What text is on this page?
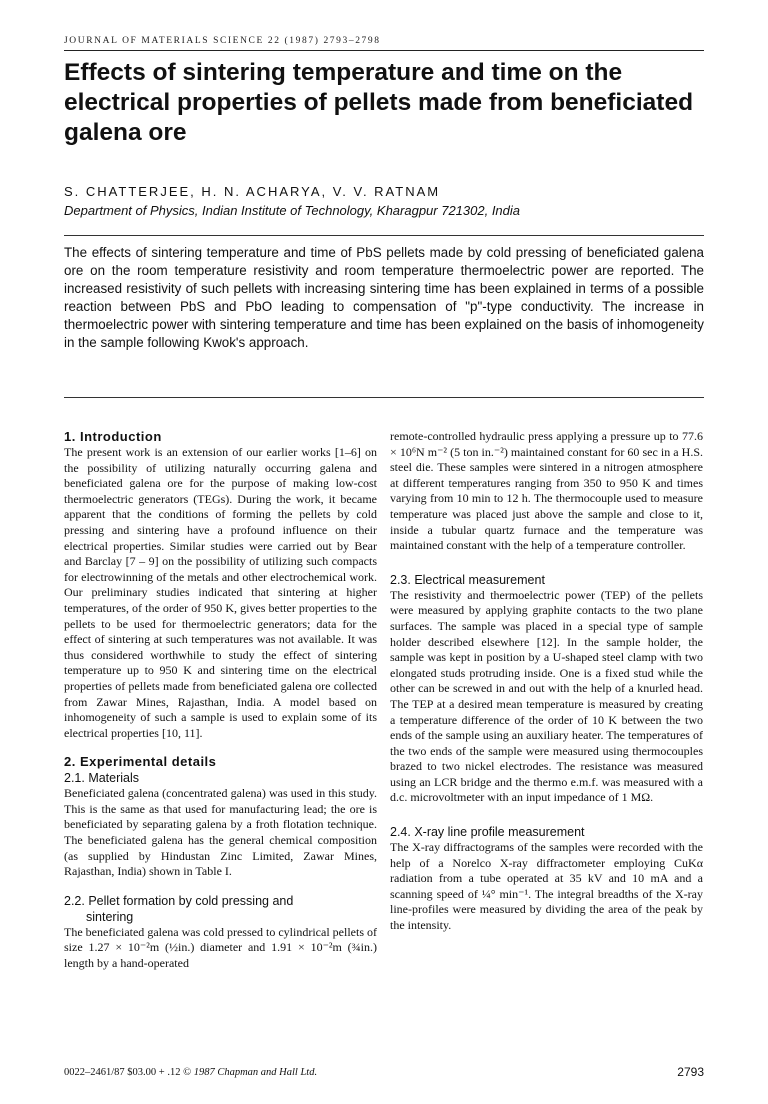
JOURNAL OF MATERIALS SCIENCE 22 (1987) 2793–2798
Effects of sintering temperature and time on the electrical properties of pellets made from beneficiated galena ore
S. CHATTERJEE, H. N. ACHARYA, V. V. RATNAM
Department of Physics, Indian Institute of Technology, Kharagpur 721302, India

The effects of sintering temperature and time of PbS pellets made by cold pressing of beneficiated galena ore on the room temperature resistivity and room temperature thermoelectric power are reported. The increased resistivity of such pellets with increasing sintering time has been explained in terms of a possible reaction between PbS and PbO leading to compensation of "p"-type conductivity. The increase in thermoelectric power with sintering temperature and time has been explained on the basis of inhomogeneity in the sample following Kwok's approach.

1. Introduction

The present work is an extension of our earlier works [1–6] on the possibility of utilizing naturally occurring galena and beneficiated galena ore for the purpose of making low-cost thermoelectric generators (TEGs). During the work, it became apparent that the conditions of forming the pellets by cold pressing and sintering have a profound influence on their electrical properties. Similar studies were carried out by Bear and Barclay [7 – 9] on the possibility of utilizing such compacts for electrowinning of the metals and other electrochemical work. Our preliminary studies indicated that sintering at higher temperatures, of the order of 950 K, gives better properties to the pellets to be used for thermoelectric generators; data for the effect of sintering at such temperatures was not available. It was thus considered worthwhile to study the effect of sintering temperature up to 950 K and sintering time on the electrical properties of pellets made from beneficiated galena ore collected from Zawar Mines, Rajasthan, India. A model based on inhomogeneity of such a sample is used to explain some of its electrical properties [10, 11].

2. Experimental details
2.1. Materials

Beneficiated galena (concentrated galena) was used in this study. This is the same as that used for manufacturing lead; the ore is beneficiated by separating galena by a froth flotation technique. The beneficiated galena has the general chemical composition (as supplied by Hindustan Zinc Limited, Zawar Mines, Rajasthan, India) shown in Table I.

2.2. Pellet formation by cold pressing and
sintering

The beneficiated galena was cold pressed to cylindrical pellets of size 1.27 × 10⁻²m (½in.) diameter and 1.91 × 10⁻²m (¾in.) length by a hand-operated

remote-controlled hydraulic press applying a pressure up to 77.6 × 10⁶N m⁻² (5 ton in.⁻²) maintained constant for 60 sec in a H.S. steel die. These samples were sintered in a nitrogen atmosphere at different temperatures ranging from 350 to 950 K and times varying from 10 min to 12 h. The thermocouple used to measure temperature was placed just above the sample and close to it, inside a tubular quartz furnace and the temperature was maintained constant with the help of a temperature controller.

2.3. Electrical measurement

The resistivity and thermoelectric power (TEP) of the pellets were measured by applying graphite contacts to the two plane surfaces. The sample was placed in a special type of sample holder described elsewhere [12]. In the sample holder, the sample was kept in position by a U-shaped steel clamp with two elongated studs protruding inside. One is a fixed stud while the other can be screwed in and out with the help of a knurled head. The TEP at a desired mean temperature is measured by creating a temperature difference of the order of 10 K between the two ends of the sample using an auxiliary heater. The temperatures of the two ends of the sample were measured using thermocouples brazed to two nickel electrodes. The resistance was measured using an LCR bridge and the thermo e.m.f. was measured with a d.c. microvoltmeter with an input impedance of 1 MΩ.

2.4. X-ray line profile measurement

The X-ray diffractograms of the samples were recorded with the help of a Norelco X-ray diffractometer employing CuKα radiation from a tube operated at 35 kV and 10 mA and a scanning speed of ¼° min⁻¹. The integral breadths of the X-ray line-profiles were measured by dividing the area of the peak by the intensity.

0022–2461/87 $03.00 + .12 © 1987 Chapman and Hall Ltd.	2793
